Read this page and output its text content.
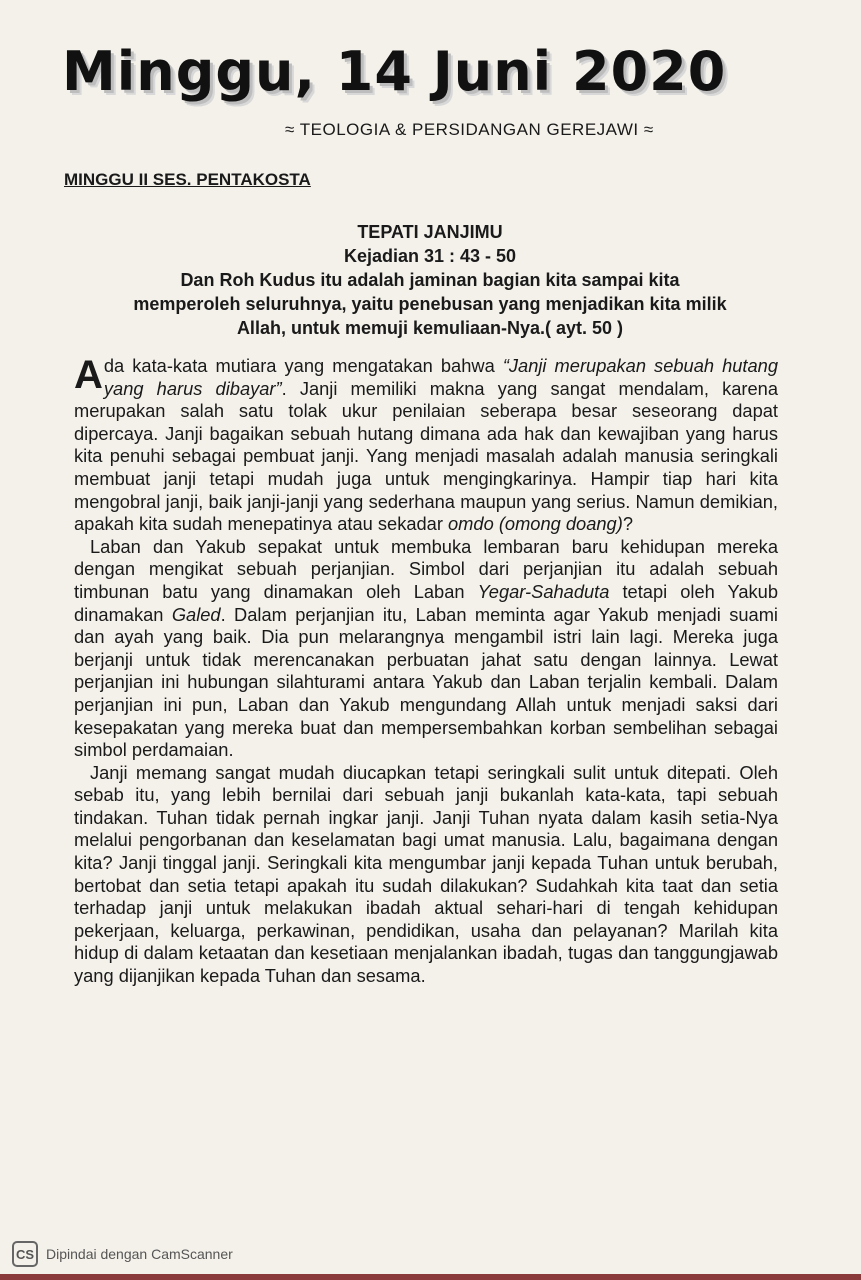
Minggu, 14 Juni 2020
≈ TEOLOGIA & PERSIDANGAN GEREJAWI ≈
MINGGU II SES. PENTAKOSTA
TEPATI JANJIMU
Kejadian 31 : 43 - 50
Dan Roh Kudus itu adalah jaminan bagian kita sampai kita
memperoleh seluruhnya, yaitu penebusan yang menjadikan kita milik
Allah, untuk memuji kemuliaan-Nya.( ayt. 50 )

Ada kata-kata mutiara yang mengatakan bahwa “Janji merupakan sebuah hutang yang harus dibayar”. Janji memiliki makna yang sangat mendalam, karena merupakan salah satu tolak ukur penilaian seberapa besar seseorang dapat dipercaya. Janji bagaikan sebuah hutang dimana ada hak dan kewajiban yang harus kita penuhi sebagai pembuat janji. Yang menjadi masalah adalah manusia seringkali membuat janji tetapi mudah juga untuk mengingkarinya. Hampir tiap hari kita mengobral janji, baik janji-janji yang sederhana maupun yang serius. Namun demikian, apakah kita sudah menepatinya atau sekadar omdo (omong doang)?

Laban dan Yakub sepakat untuk membuka lembaran baru kehidupan mereka dengan mengikat sebuah perjanjian. Simbol dari perjanjian itu adalah sebuah timbunan batu yang dinamakan oleh Laban Yegar-Sahaduta tetapi oleh Yakub dinamakan Galed. Dalam perjanjian itu, Laban meminta agar Yakub menjadi suami dan ayah yang baik. Dia pun melarangnya mengambil istri lain lagi. Mereka juga berjanji untuk tidak merencanakan perbuatan jahat satu dengan lainnya. Lewat perjanjian ini hubungan silahturami antara Yakub dan Laban terjalin kembali. Dalam perjanjian ini pun, Laban dan Yakub mengundang Allah untuk menjadi saksi dari kesepakatan yang mereka buat dan mempersembahkan korban sembelihan sebagai simbol perdamaian.

Janji memang sangat mudah diucapkan tetapi seringkali sulit untuk ditepati. Oleh sebab itu, yang lebih bernilai dari sebuah janji bukanlah kata-kata, tapi sebuah tindakan. Tuhan tidak pernah ingkar janji. Janji Tuhan nyata dalam kasih setia-Nya melalui pengorbanan dan keselamatan bagi umat manusia. Lalu, bagaimana dengan kita? Janji tinggal janji. Seringkali kita mengumbar janji kepada Tuhan untuk berubah, bertobat dan setia tetapi apakah itu sudah dilakukan? Sudahkah kita taat dan setia terhadap janji untuk melakukan ibadah aktual sehari-hari di tengah kehidupan pekerjaan, keluarga, perkawinan, pendidikan, usaha dan pelayanan? Marilah kita hidup di dalam ketaatan dan kesetiaan menjalankan ibadah, tugas dan tanggungjawab yang dijanjikan kepada Tuhan dan sesama.

CS Dipindai dengan CamScanner
